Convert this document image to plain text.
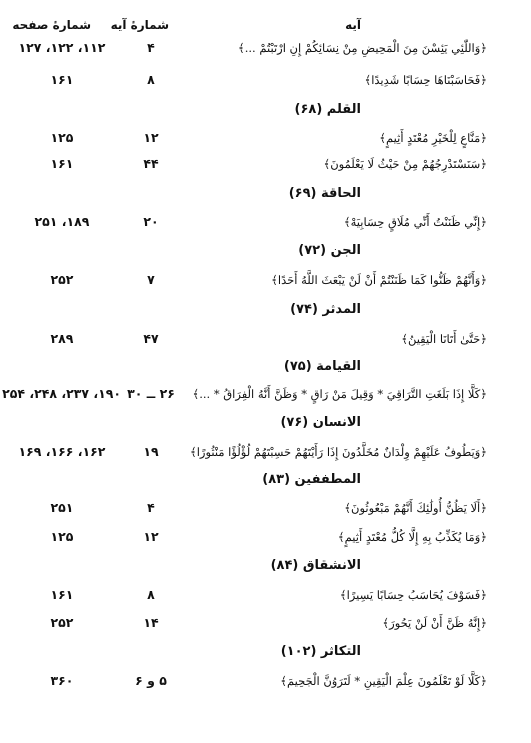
آيه
شمارهٔ آيه
شمارهٔ صفحه
﴿وَاللّٰئِي يَئِسْنَ مِنَ الْمَحِيضِ مِنْ نِسَائِكُمْ إِنِ ارْتَبْتُمْ ...﴾
۴
۱۱۲، ۱۲۲، ۱۲۷
﴿فَحَاسَبْنَاهَا حِسَابًا شَدِيدًا﴾
۸
۱۶۱
القلم (۶۸)
﴿مَنَّاعٍ لِلْخَيْرِ مُعْتَدٍ أَثِيمٍ﴾
۱۲
۱۲۵
﴿سَنَسْتَدْرِجُهُمْ مِنْ حَيْثُ لَا يَعْلَمُونَ﴾
۴۴
۱۶۱
الحاقة (۶۹)
﴿إِنِّي ظَنَنْتُ أَنِّي مُلَاقٍ حِسَابِيَهْ﴾
۲۰
۱۸۹، ۲۵۱
الجن (۷۲)
﴿وَأَنَّهُمْ ظَنُّوا كَمَا ظَنَنْتُمْ أَنْ لَنْ يَبْعَثَ اللَّهُ أَحَدًا﴾
۷
۲۵۲
المدثر (۷۴)
﴿حَتَّىٰ أَتَانَا الْيَقِينُ﴾
۴۷
۲۸۹
القيامة (۷۵)
﴿كَلَّا إِذَا بَلَغَتِ التَّرَاقِيَ * وَقِيلَ مَنْ رَاقٍ * وَظَنَّ أَنَّهُ الْفِرَاقُ * ...﴾
۲۶ ــ ۳۰
۱۹۰، ۲۳۷، ۲۴۸، ۲۵۴
الانسان (۷۶)
﴿وَيَطُوفُ عَلَيْهِمْ وِلْدَانٌ مُخَلَّدُونَ إِذَا رَأَيْتَهُمْ حَسِبْتَهُمْ لُؤْلُؤًا مَنْثُورًا﴾
۱۹
۱۶۲، ۱۶۶، ۱۶۹
المطففين (۸۳)
﴿أَلَا يَظُنُّ أُولَٰئِكَ أَنَّهُمْ مَبْعُوثُونَ﴾
۴
۲۵۱
﴿وَمَا يُكَذِّبُ بِهِ إِلَّا كُلُّ مُعْتَدٍ أَثِيمٍ﴾
۱۲
۱۲۵
الانشقاق (۸۴)
﴿فَسَوْفَ يُحَاسَبُ حِسَابًا يَسِيرًا﴾
۸
۱۶۱
﴿إِنَّهُ ظَنَّ أَنْ لَنْ يَحُورَ﴾
۱۴
۲۵۲
التكاثر (۱۰۲)
﴿كَلَّا لَوْ تَعْلَمُونَ عِلْمَ الْيَقِينِ * لَتَرَوُنَّ الْجَحِيمَ﴾
۵ و ۶
۳۶۰
